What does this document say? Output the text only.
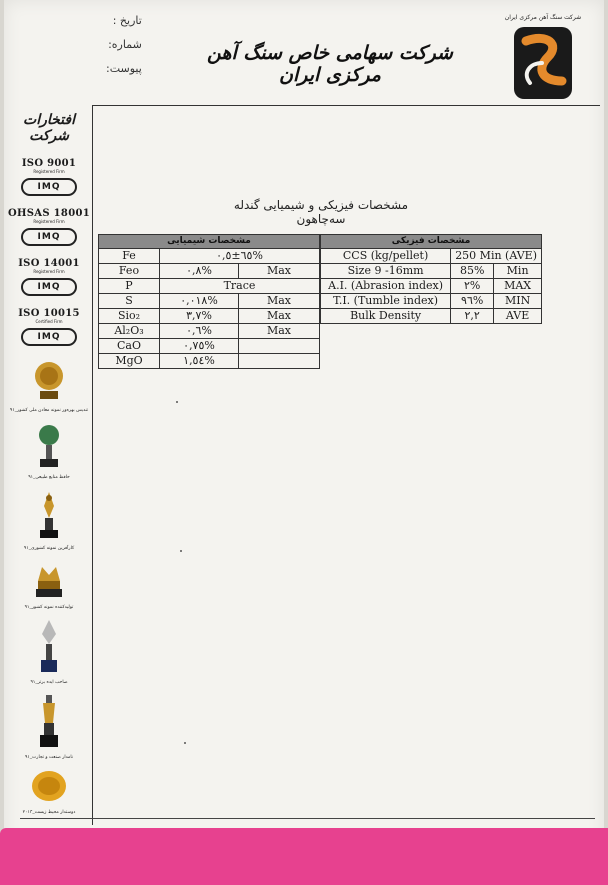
تاریخ :
شماره:
پیوست:
شرکت سهامی خاص سنگ آهن مرکزی ایران
شرکت سنگ آهن مرکزی ایران
افتخارات شرکت
ISO 9001
Registered Firm
IMQ
OHSAS 18001
Registered Firm
IMQ
ISO 14001
Registered Firm
IMQ
ISO 10015
Certified Firm
IMQ
تندیس بهره‌ور نمونه‌ معادن ملی کشور_۹۱
حافظ منابع طبیعی_۹۱
کارآفرین نمونه کشوری_۹۱
تولیدکننده نمونه کشور_۹۱
صاحب ایده برتر_۹۱
نامدار صنعت و تجارت_۹۱
دوستدار محیط زیست_۲۰۱۳
مشخصات فیزیکی و شیمیایی گندله سه‌چاهون
مشخصات شیمیایی		
Fe	٦٥±٠,٥%	
Feo	٠,٨%	Max
P	Trace	
S	٠,٠١٨%	Max
Sio₂	٣,٧%	Max
Al₂O₃	٠,٦%	Max
CaO	٠,٧٥%	
MgO	١,٥٤%	
مشخصات فیزیکی		
CCS (kg/pellet)	250 Min (AVE)	
Size 9 -16mm	85%	Min
A.I. (Abrasion index)	٢%	MAX
T.I. (Tumble index)	٩٦%	MIN
Bulk Density	٢,٢	AVE
